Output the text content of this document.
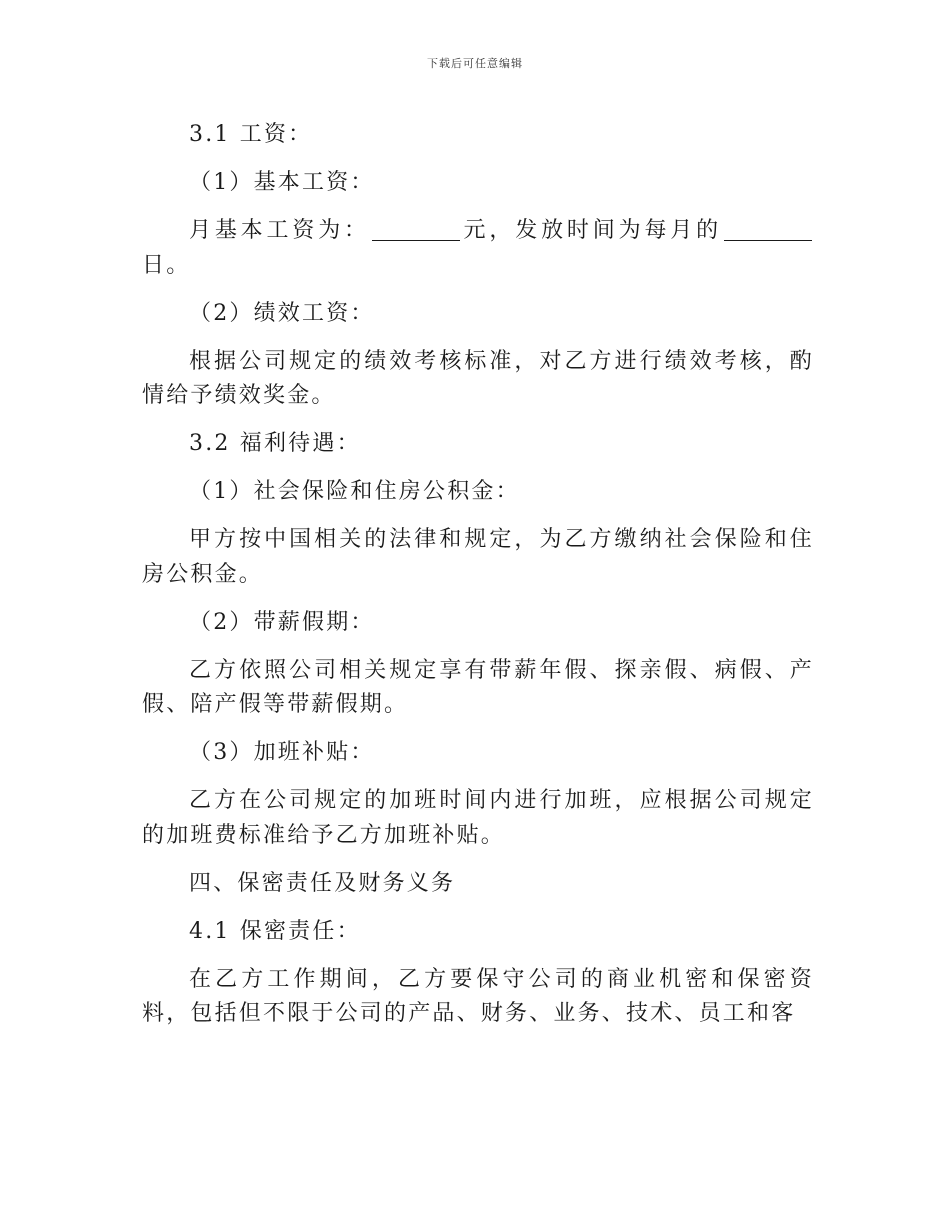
下载后可任意编辑

3.1 工资：

（1）基本工资：

月基本工资为：	元，发放时间为每月的日。

（2）绩效工资：

根据公司规定的绩效考核标准，对乙方进行绩效考核，酌情给予绩效奖金。

3.2 福利待遇：

（1）社会保险和住房公积金：

甲方按中国相关的法律和规定，为乙方缴纳社会保险和住房公积金。

（2）带薪假期：

乙方依照公司相关规定享有带薪年假、探亲假、病假、产假、陪产假等带薪假期。

（3）加班补贴：

乙方在公司规定的加班时间内进行加班，应根据公司规定的加班费标准给予乙方加班补贴。

四、保密责任及财务义务

4.1 保密责任：

在乙方工作期间，乙方要保守公司的商业机密和保密资料，包括但不限于公司的产品、财务、业务、技术、员工和客
